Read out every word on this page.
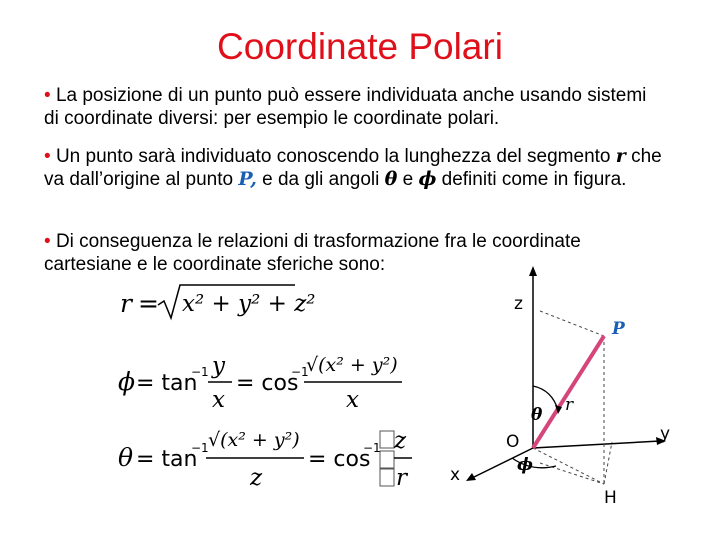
Coordinate Polari
• La posizione di un punto può essere individuata anche usando sistemi di coordinate diversi: per esempio le coordinate polari.
• Un punto sarà individuato conoscendo la lunghezza del segmento r che va dall’origine al punto P, e da gli angoli θ e ϕ definiti come in figura.
• Di conseguenza le relazioni di trasformazione fra le coordinate cartesiane e le coordinate sferiche sono:
r = x² + y² + z²
ϕ = tan
−1 y
x
= cos
−1
√(x² + y²)
x
θ = tan
−1 √(x² + y²)
z
= cos
−1 z
r
z
y
x
O
H
P
r
θ
ϕ
